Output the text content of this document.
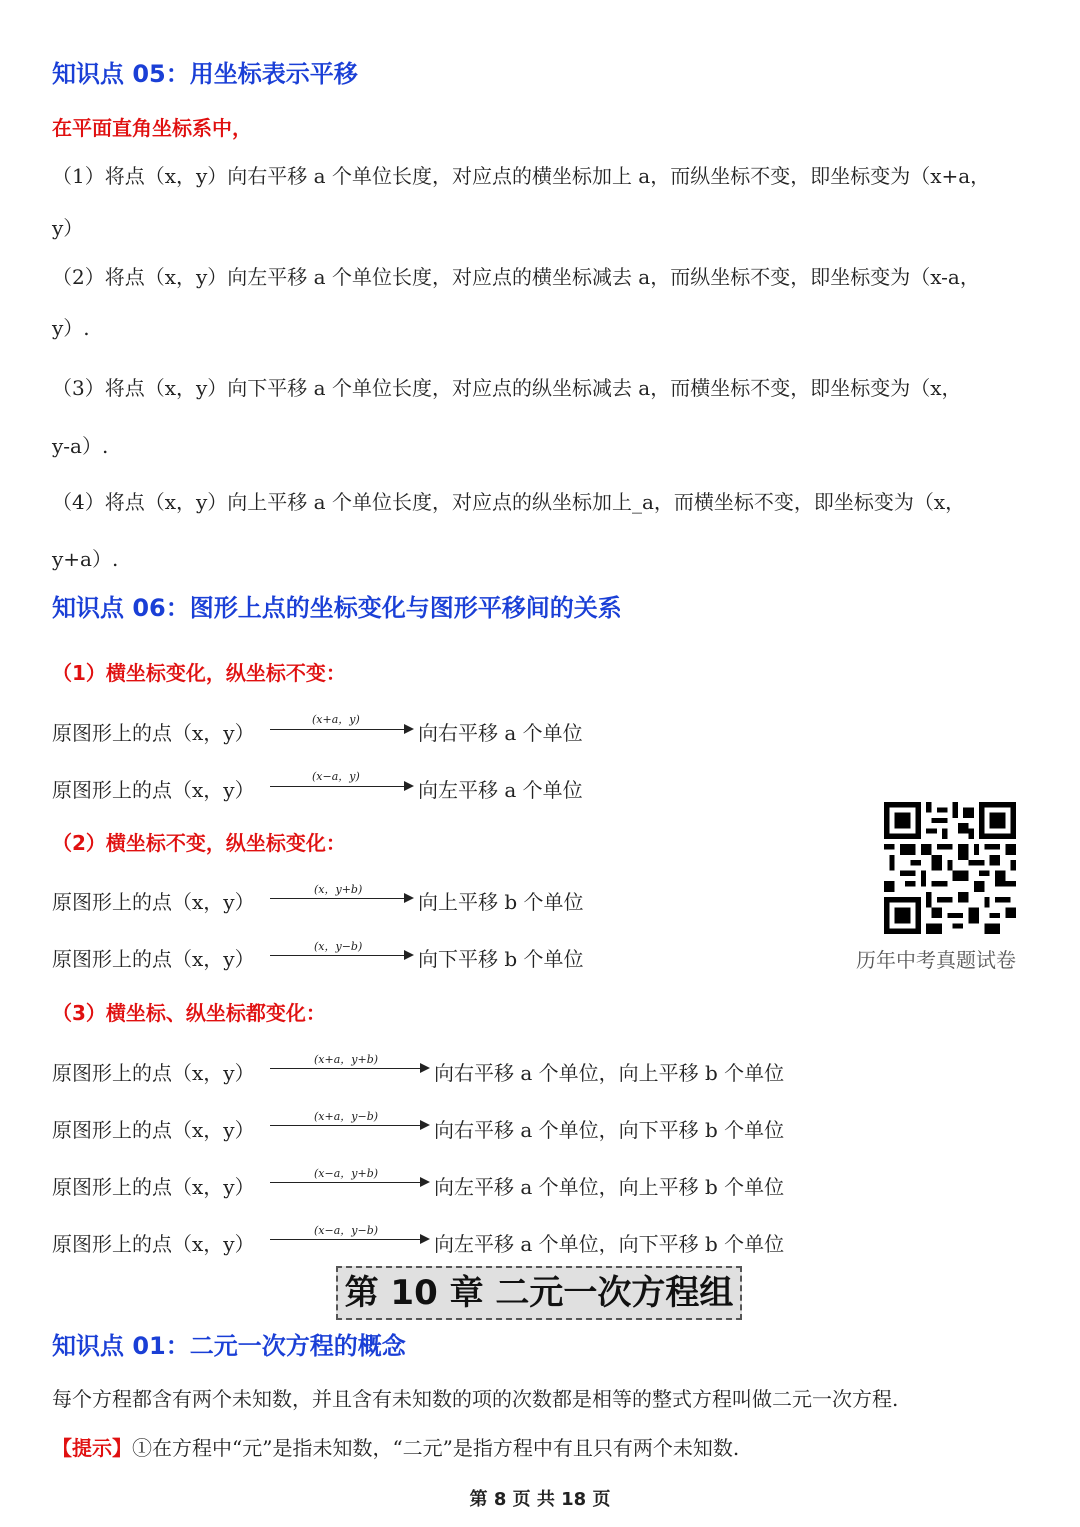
知识点 05：用坐标表示平移
在平面直角坐标系中，
（1）将点（x，y）向右平移 a 个单位长度，对应点的横坐标加上 a，而纵坐标不变，即坐标变为（x+a，
y）
（2）将点（x，y）向左平移 a 个单位长度，对应点的横坐标减去 a，而纵坐标不变，即坐标变为（x-a，
y）.
（3）将点（x，y）向下平移 a 个单位长度，对应点的纵坐标减去 a，而横坐标不变，即坐标变为（x，
y-a）.
（4）将点（x，y）向上平移 a 个单位长度，对应点的纵坐标加上_a，而横坐标不变，即坐标变为（x，
y+a）.
知识点 06：图形上点的坐标变化与图形平移间的关系
（1）横坐标变化，纵坐标不变：
原图形上的点（x，y）
(x+a，y)
向右平移 a 个单位
原图形上的点（x，y）
(x−a，y)
向左平移 a 个单位
（2）横坐标不变，纵坐标变化：
原图形上的点（x，y）
(x，y+b)
向上平移 b 个单位
原图形上的点（x，y）
(x，y−b)
向下平移 b 个单位
（3）横坐标、纵坐标都变化：
原图形上的点（x，y）
(x+a，y+b)
向右平移 a 个单位，向上平移 b 个单位
原图形上的点（x，y）
(x+a，y−b)
向右平移 a 个单位，向下平移 b 个单位
原图形上的点（x，y）
(x−a，y+b)
向左平移 a 个单位，向上平移 b 个单位
原图形上的点（x，y）
(x−a，y−b)
向左平移 a 个单位，向下平移 b 个单位
历年中考真题试卷
第 10 章 二元一次方程组
知识点 01：二元一次方程的概念
每个方程都含有两个未知数，并且含有未知数的项的次数都是相等的整式方程叫做二元一次方程.
【提示】①在方程中“元”是指未知数，“二元”是指方程中有且只有两个未知数.
第 8 页 共 18 页
